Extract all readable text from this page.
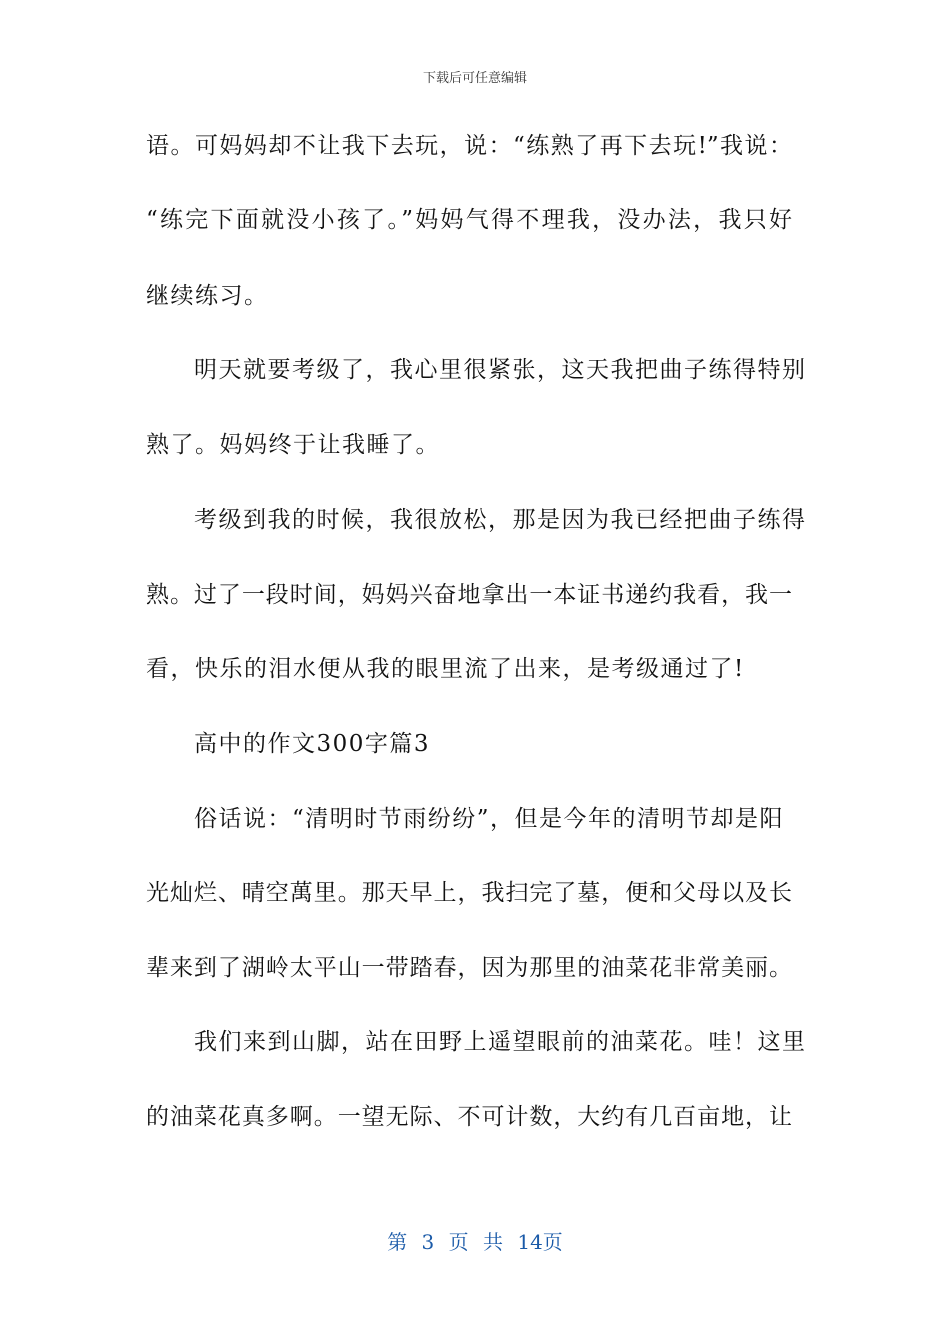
下载后可任意编辑
语。可妈妈却不让我下去玩，说：“练熟了再下去玩!”我说：
“练完下面就没小孩了。”妈妈气得不理我，没办法，我只好
继续练习。
明天就要考级了，我心里很紧张，这天我把曲子练得特别
熟了。妈妈终于让我睡了。
考级到我的时候，我很放松，那是因为我已经把曲子练得
熟。过了一段时间，妈妈兴奋地拿出一本证书递约我看，我一
看，快乐的泪水便从我的眼里流了出来，是考级通过了!
高中的作文300字篇3
俗话说：“清明时节雨纷纷”，但是今年的清明节却是阳
光灿烂、晴空萬里。那天早上，我扫完了墓，便和父母以及长
辈来到了湖岭太平山一带踏春，因为那里的油菜花非常美丽。
我们来到山脚，站在田野上遥望眼前的油菜花。哇！这里
的油菜花真多啊。一望无际、不可计数，大约有几百亩地，让
第 3 页 共 14页
